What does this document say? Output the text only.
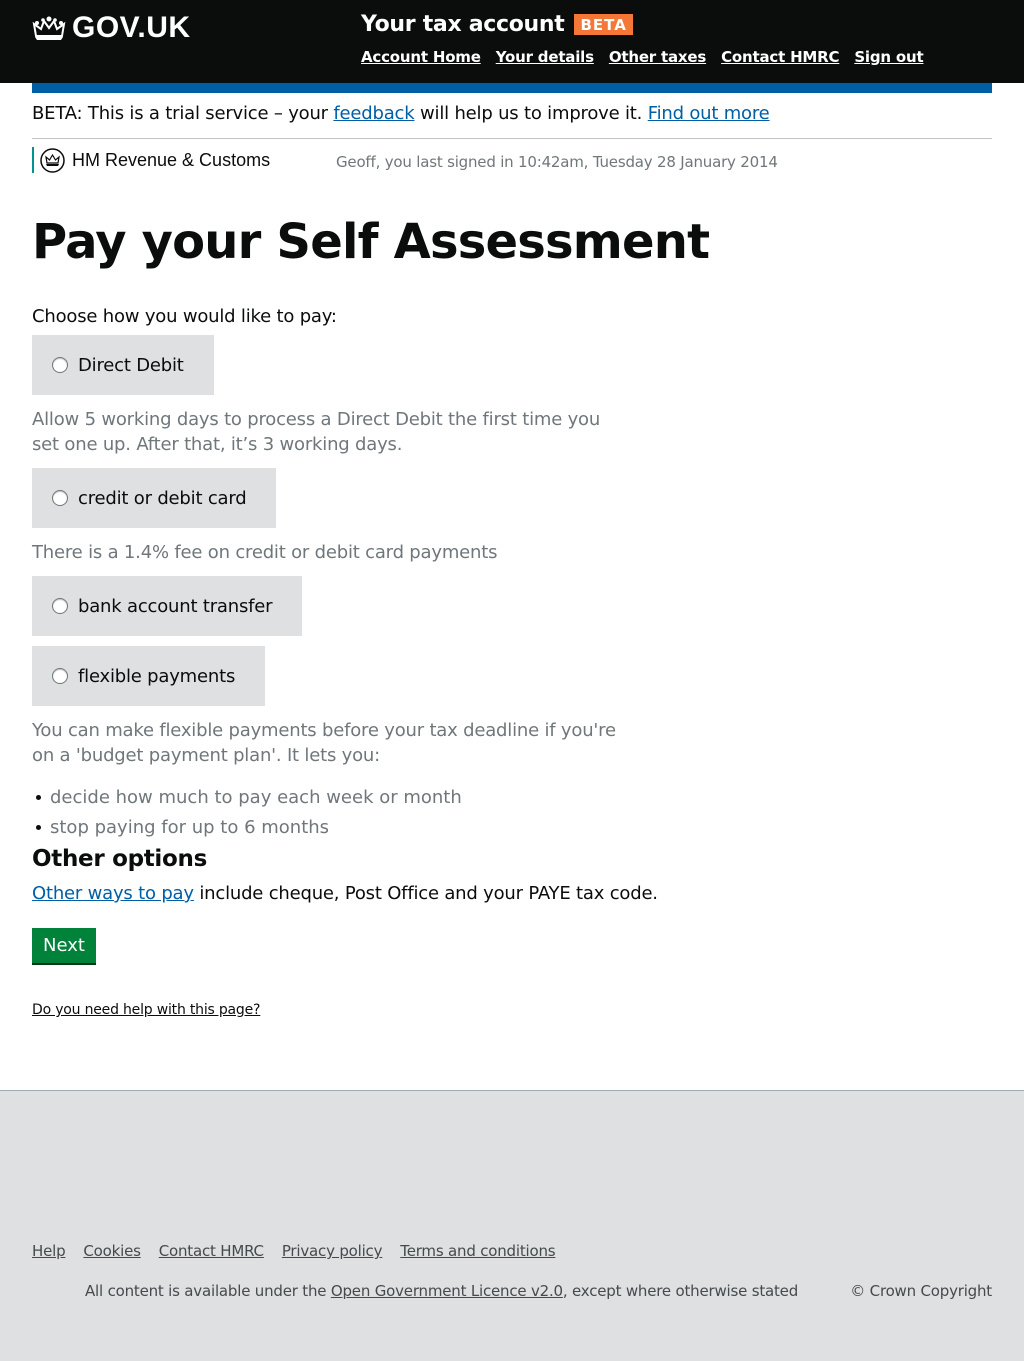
GOV.UK	Your tax account	BETA
Account Home Your details Other taxes Contact HMRC Sign out
BETA: This is a trial service – your feedback will help us to improve it. Find out more
HM Revenue & Customs	Geoff, you last signed in 10:42am, Tuesday 28 January 2014
Pay your Self Assessment
Choose how you would like to pay:
Direct Debit
Allow 5 working days to process a Direct Debit the first time you set one up. After that, it’s 3 working days.
credit or debit card
There is a 1.4% fee on credit or debit card payments
bank account transfer
flexible payments
You can make flexible payments before your tax deadline if you're on a 'budget payment plan'. It lets you:
decide how much to pay each week or month
stop paying for up to 6 months
Other options
Other ways to pay include cheque, Post Office and your PAYE tax code.
Next
Do you need help with this page?
Help Cookies Contact HMRC Privacy policy Terms and conditions
All content is available under the Open Government Licence v2.0, except where otherwise stated	© Crown Copyright
